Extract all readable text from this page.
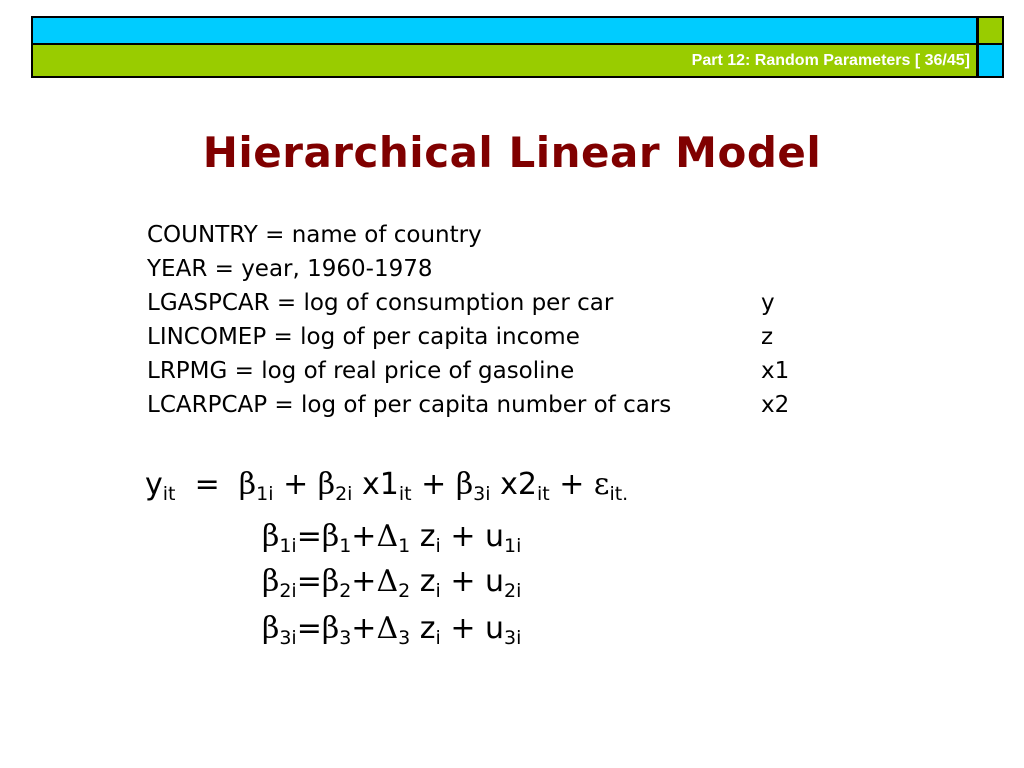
Part 12: Random Parameters [ 36/45]
Hierarchical Linear Model
COUNTRY = name of country
YEAR = year, 1960-1978
LGASPCAR = log of consumption per car	y
LINCOMEP = log of per capita income	z
LRPMG = log of real price of gasoline	x1
LCARPCAP = log of per capita number of cars	x2
$y_{it} = \beta_{1i} + \beta_{2i}$ $x1_{it} + \beta_{3i}$ $x2_{it} + \varepsilon_{it.}$
$\beta_{1i}=\beta_1+\Delta_1$ $z_i + u_{1i}$
$\beta_{2i}=\beta_2+\Delta_2$ $z_i + u_{2i}$
$\beta_{3i}=\beta_3+\Delta_3$ $z_i + u_{3i}$
